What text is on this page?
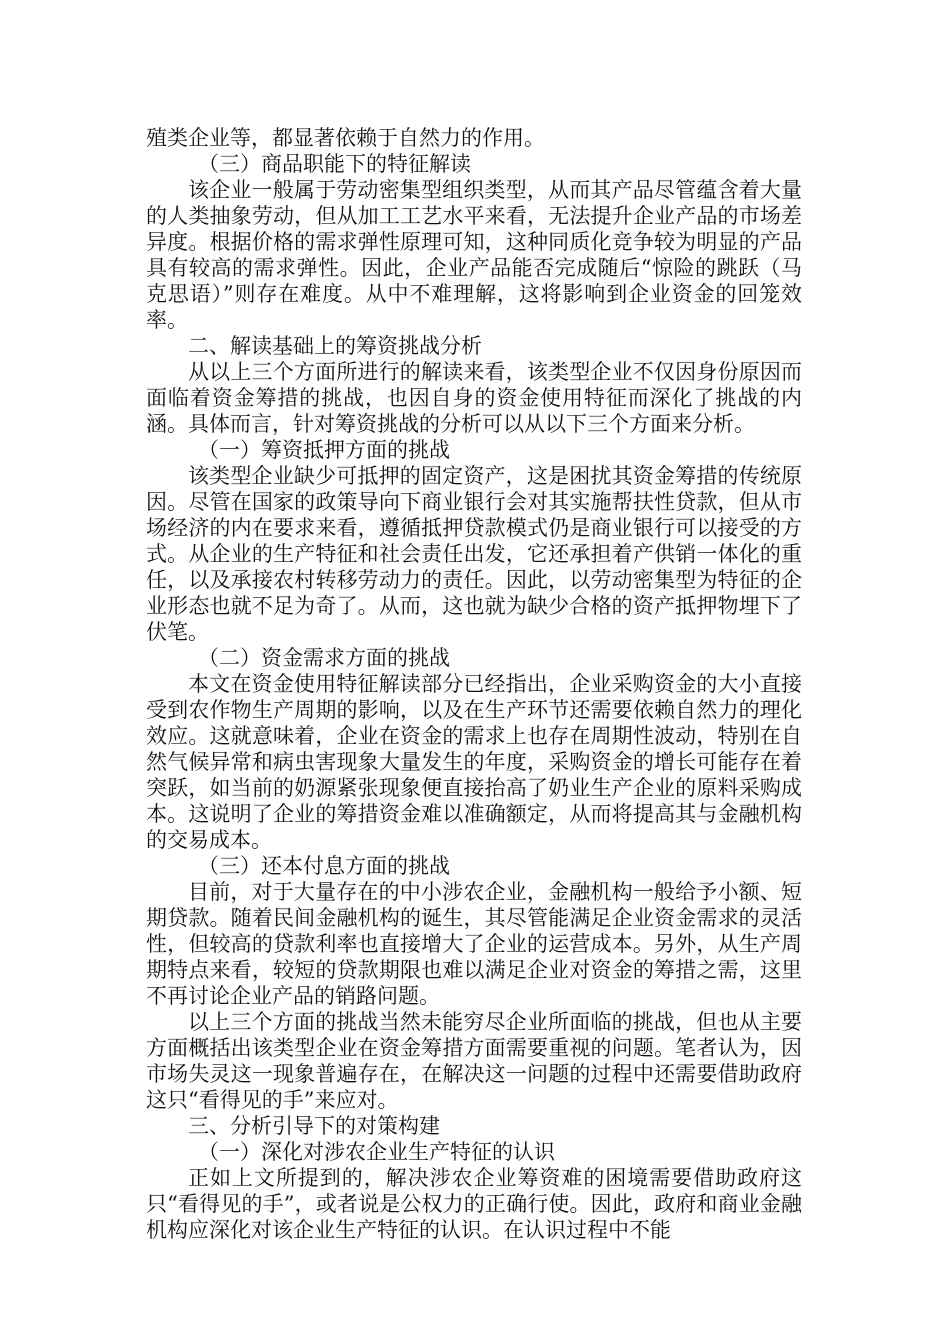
殖类企业等，都显著依赖于自然力的作用。

（三）商品职能下的特征解读

该企业一般属于劳动密集型组织类型，从而其产品尽管蕴含着大量的人类抽象劳动，但从加工工艺水平来看，无法提升企业产品的市场差异度。根据价格的需求弹性原理可知，这种同质化竞争较为明显的产品具有较高的需求弹性。因此，企业产品能否完成随后“惊险的跳跃（马克思语）”则存在难度。从中不难理解，这将影响到企业资金的回笼效率。

二、解读基础上的筹资挑战分析

从以上三个方面所进行的解读来看，该类型企业不仅因身份原因而面临着资金筹措的挑战，也因自身的资金使用特征而深化了挑战的内涵。具体而言，针对筹资挑战的分析可以从以下三个方面来分析。

（一）筹资抵押方面的挑战

该类型企业缺少可抵押的固定资产，这是困扰其资金筹措的传统原因。尽管在国家的政策导向下商业银行会对其实施帮扶性贷款，但从市场经济的内在要求来看，遵循抵押贷款模式仍是商业银行可以接受的方式。从企业的生产特征和社会责任出发，它还承担着产供销一体化的重任，以及承接农村转移劳动力的责任。因此，以劳动密集型为特征的企业形态也就不足为奇了。从而，这也就为缺少合格的资产抵押物埋下了伏笔。

（二）资金需求方面的挑战

本文在资金使用特征解读部分已经指出，企业采购资金的大小直接受到农作物生产周期的影响，以及在生产环节还需要依赖自然力的理化效应。这就意味着，企业在资金的需求上也存在周期性波动，特别在自然气候异常和病虫害现象大量发生的年度，采购资金的增长可能存在着突跃，如当前的奶源紧张现象便直接抬高了奶业生产企业的原料采购成本。这说明了企业的筹措资金难以准确额定，从而将提高其与金融机构的交易成本。

（三）还本付息方面的挑战

目前，对于大量存在的中小涉农企业，金融机构一般给予小额、短期贷款。随着民间金融机构的诞生，其尽管能满足企业资金需求的灵活性，但较高的贷款利率也直接增大了企业的运营成本。另外，从生产周期特点来看，较短的贷款期限也难以满足企业对资金的筹措之需，这里不再讨论企业产品的销路问题。

以上三个方面的挑战当然未能穷尽企业所面临的挑战，但也从主要方面概括出该类型企业在资金筹措方面需要重视的问题。笔者认为，因市场失灵这一现象普遍存在，在解决这一问题的过程中还需要借助政府这只“看得见的手”来应对。

三、分析引导下的对策构建

（一）深化对涉农企业生产特征的认识

正如上文所提到的，解决涉农企业筹资难的困境需要借助政府这只“看得见的手”，或者说是公权力的正确行使。因此，政府和商业金融机构应深化对该企业生产特征的认识。在认识过程中不能
